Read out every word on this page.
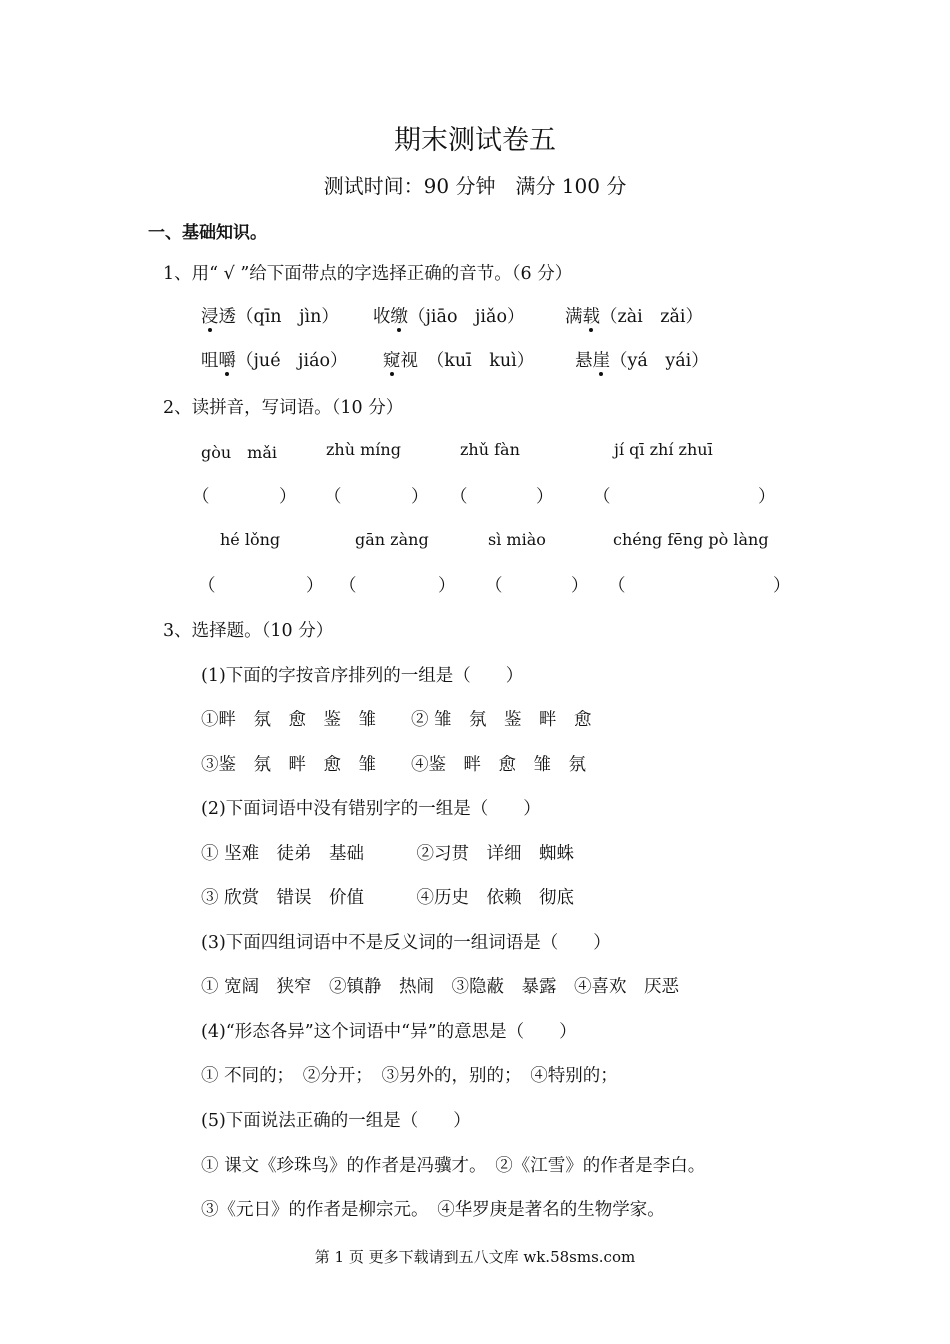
期末测试卷五
测试时间：90 分钟　满分 100 分
一、基础知识。
1、用“ √ ”给下面带点的字选择正确的音节。（6 分）
浸透（qīn　jìn） 收缴（jiāo　jiǎo） 满载（zài　zǎi）
咀嚼（jué　jiáo） 窥视　（kuī　kuì） 悬崖（yá　yái）
2、读拼音，写词语。（10 分）
gòu　mǎi	zhù míng	zhǔ fàn	jí qī zhí zhuī
（	） （	） （	） （	）
hé lǒng	gān zàng	sì miào	chéng fēng pò làng
（	） （	） （	） （	）
3、选择题。（10 分）
(1)下面的字按音序排列的一组是（　　）
①畔　氛　愈　鉴　雏　　② 雏　氛　鉴　畔　愈
③鉴　氛　畔　愈　雏　　④鉴　畔　愈　雏　氛
(2)下面词语中没有错别字的一组是（　　）
① 坚难　徒弟　基础　　　②习贯　详细　蜘蛛
③ 欣赏　错误　价值　　　④历史　依赖　彻底
(3)下面四组词语中不是反义词的一组词语是（　　）
① 宽阔　狭窄　②镇静　热闹　③隐蔽　暴露　④喜欢　厌恶
(4)“形态各异”这个词语中“异”的意思是（　　）
① 不同的；　②分开；　③另外的，别的；　④特别的；
(5)下面说法正确的一组是（　　）
① 课文《珍珠鸟》的作者是冯骥才。　②《江雪》的作者是李白。
③《元日》的作者是柳宗元。　④华罗庚是著名的生物学家。
第 1 页 更多下载请到五八文库 wk.58sms.com
